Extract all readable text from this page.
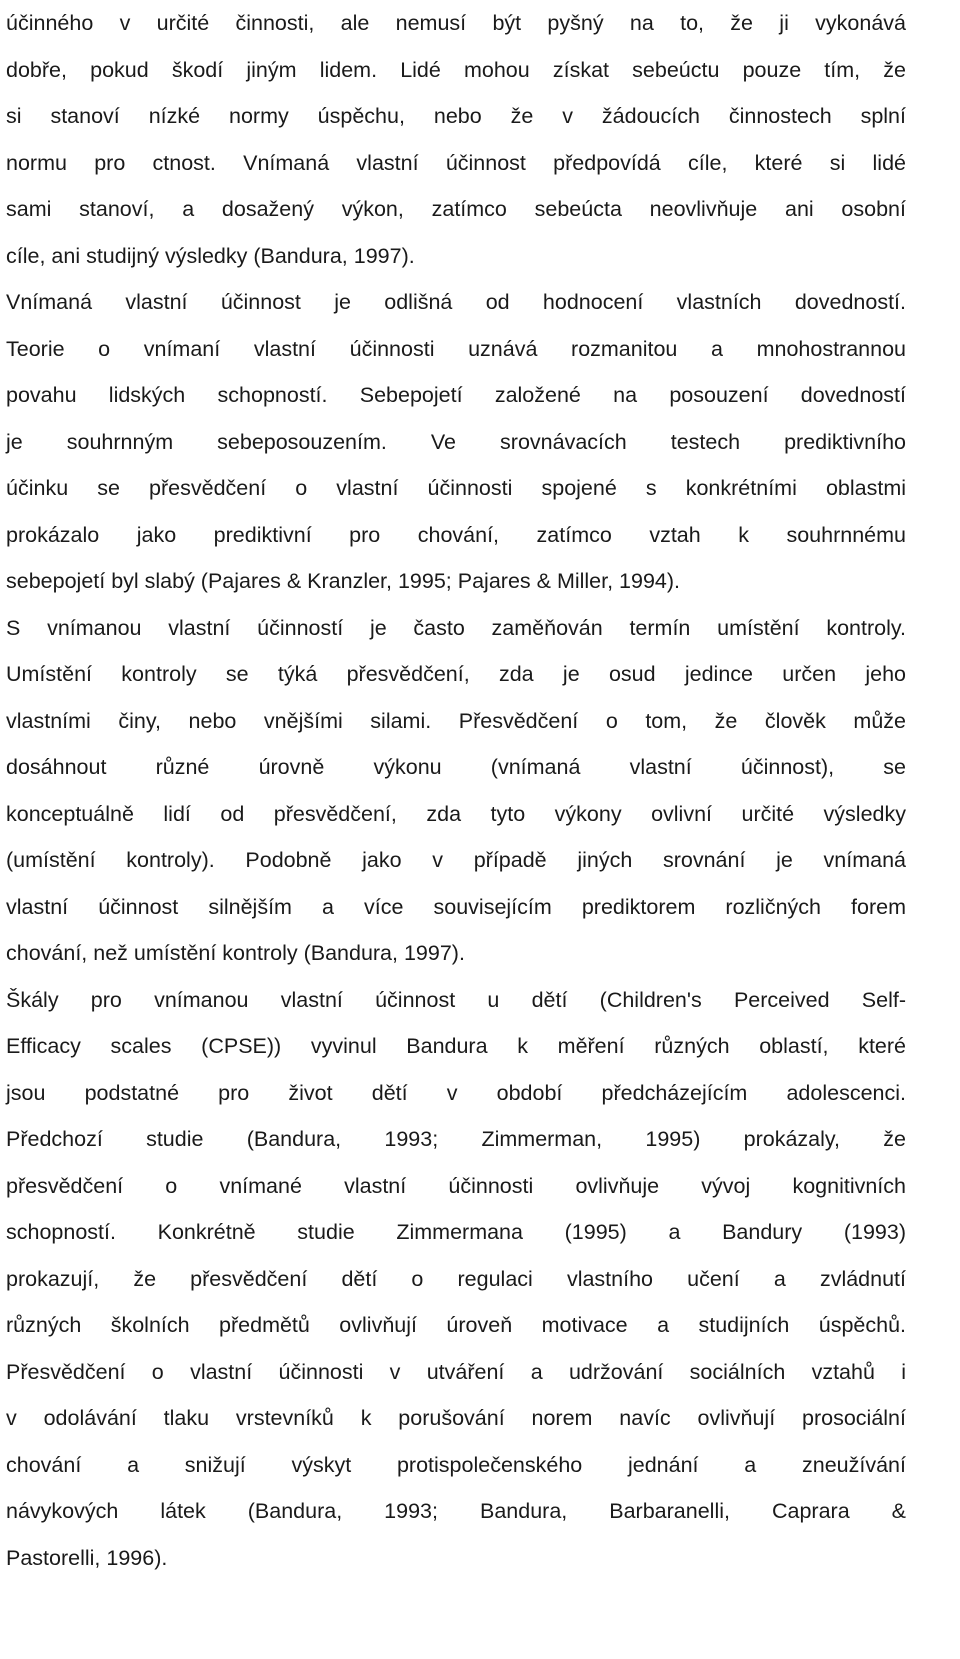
účinného v určité činnosti, ale nemusí být pyšný na to, že ji vykonává
dobře, pokud škodí jiným lidem. Lidé mohou získat sebeúctu pouze tím, že
si stanoví nízké normy úspěchu, nebo že v žádoucích činnostech splní
normu pro ctnost. Vnímaná vlastní účinnost předpovídá cíle, které si lidé
sami stanoví, a dosažený výkon, zatímco sebeúcta neovlivňuje ani osobní
cíle, ani studijný výsledky (Bandura, 1997).
Vnímaná vlastní účinnost je odlišná od hodnocení vlastních dovedností.
Teorie o vnímaní vlastní účinnosti uznává rozmanitou a mnohostrannou
povahu lidských schopností. Sebepojetí založené na posouzení dovedností
je souhrnným sebeposouzením. Ve srovnávacích testech prediktivního
účinku se přesvědčení o vlastní účinnosti spojené s konkrétními oblastmi
prokázalo jako prediktivní pro chování, zatímco vztah k souhrnnému
sebepojetí byl slabý (Pajares & Kranzler, 1995; Pajares & Miller, 1994).
S vnímanou vlastní účinností je často zaměňován termín umístění kontroly.
Umístění kontroly se týká přesvědčení, zda je osud jedince určen jeho
vlastními činy, nebo vnějšími silami. Přesvědčení o tom, že člověk může
dosáhnout různé úrovně výkonu (vnímaná vlastní účinnost), se
konceptuálně lidí od přesvědčení, zda tyto výkony ovlivní určité výsledky
(umístění kontroly). Podobně jako v případě jiných srovnání je vnímaná
vlastní účinnost silnějším a více souvisejícím prediktorem rozličných forem
chování, než umístění kontroly (Bandura, 1997).
Škály pro vnímanou vlastní účinnost u dětí (Children's Perceived Self-
Efficacy scales (CPSE)) vyvinul Bandura k měření různých oblastí, které
jsou podstatné pro život dětí v období předcházejícím adolescenci.
Předchozí studie (Bandura, 1993; Zimmerman, 1995) prokázaly, že
přesvědčení o vnímané vlastní účinnosti ovlivňuje vývoj kognitivních
schopností. Konkrétně studie Zimmermana (1995) a Bandury (1993)
prokazují, že přesvědčení dětí o regulaci vlastního učení a zvládnutí
různých školních předmětů ovlivňují úroveň motivace a studijních úspěchů.
Přesvědčení o vlastní účinnosti v utváření a udržování sociálních vztahů i
v odolávání tlaku vrstevníků k porušování norem navíc ovlivňují prosociální
chování a snižují výskyt protispolečenského jednání a zneužívání
návykových látek (Bandura, 1993; Bandura, Barbaranelli, Caprara &
Pastorelli, 1996).
